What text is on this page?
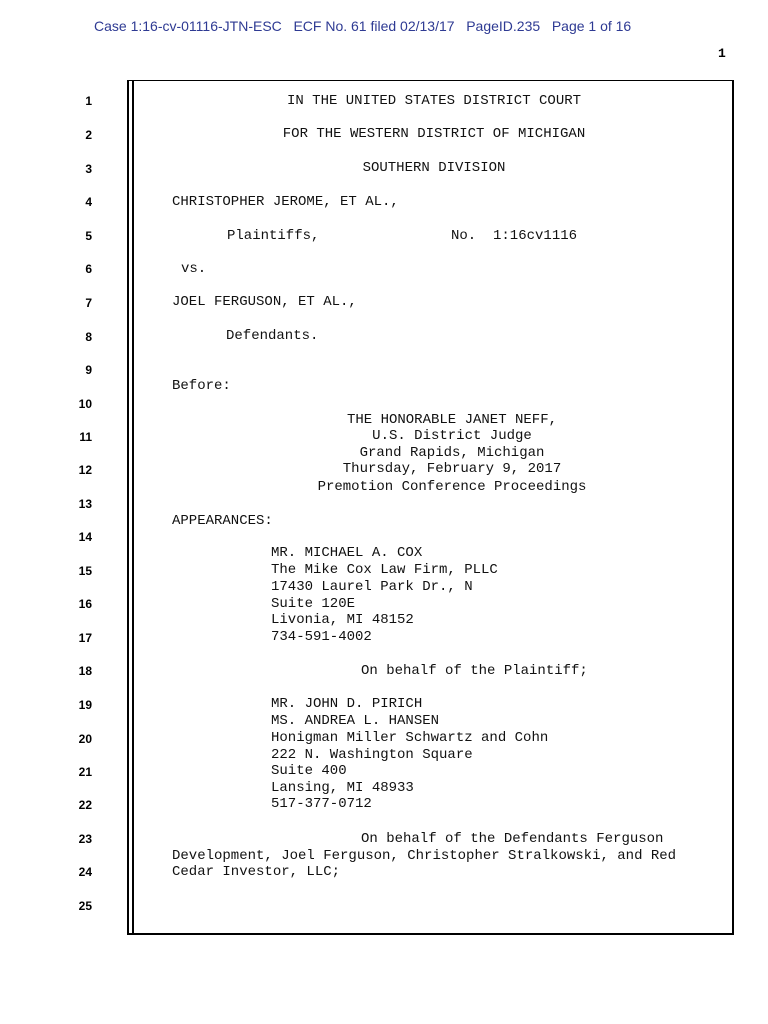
Case 1:16-cv-01116-JTN-ESC   ECF No. 61 filed 02/13/17   PageID.235   Page 1 of 16
1
1
2
3
4
5
6
7
8
9
10
11
12
13
14
15
16
17
18
19
20
21
22
23
24
25
IN THE UNITED STATES DISTRICT COURT
FOR THE WESTERN DISTRICT OF MICHIGAN
SOUTHERN DIVISION
CHRISTOPHER JEROME, ET AL.,
Plaintiffs,	No.  1:16cv1116
vs.
JOEL FERGUSON, ET AL.,
Defendants.
Before:
THE HONORABLE JANET NEFF,
U.S. District Judge
Grand Rapids, Michigan
Thursday, February 9, 2017
Premotion Conference Proceedings
APPEARANCES:
MR. MICHAEL A. COX
The Mike Cox Law Firm, PLLC
17430 Laurel Park Dr., N
Suite 120E
Livonia, MI 48152
734-591-4002
On behalf of the Plaintiff;
MR. JOHN D. PIRICH
MS. ANDREA L. HANSEN
Honigman Miller Schwartz and Cohn
222 N. Washington Square
Suite 400
Lansing, MI 48933
517-377-0712
On behalf of the Defendants Ferguson
Development, Joel Ferguson, Christopher Stralkowski, and Red
Cedar Investor, LLC;
